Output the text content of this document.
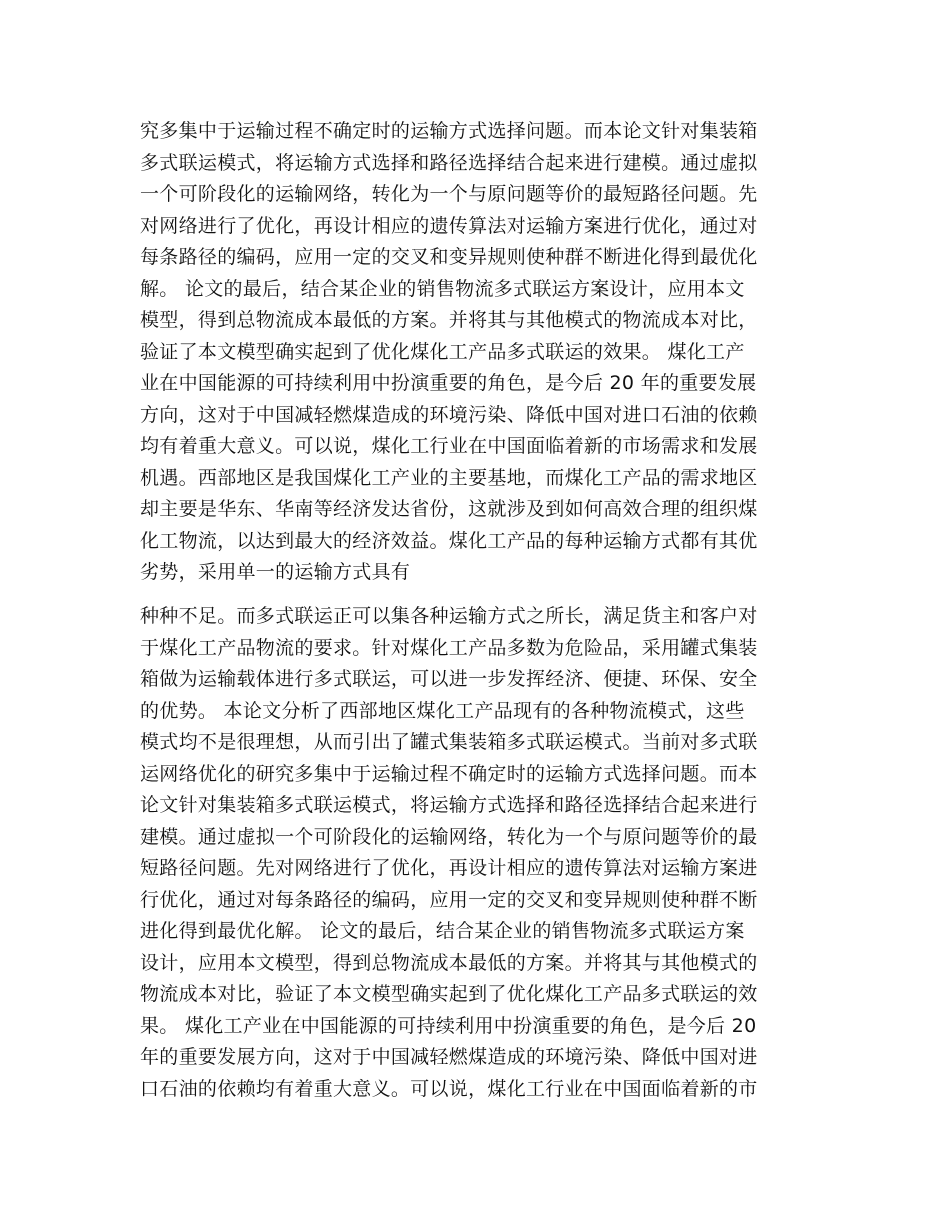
究多集中于运输过程不确定时的运输方式选择问题。而本论文针对集装箱
多式联运模式，将运输方式选择和路径选择结合起来进行建模。通过虚拟
一个可阶段化的运输网络，转化为一个与原问题等价的最短路径问题。先
对网络进行了优化，再设计相应的遗传算法对运输方案进行优化，通过对
每条路径的编码，应用一定的交叉和变异规则使种群不断进化得到最优化
解。 论文的最后，结合某企业的销售物流多式联运方案设计，应用本文
模型，得到总物流成本最低的方案。并将其与其他模式的物流成本对比，
验证了本文模型确实起到了优化煤化工产品多式联运的效果。 煤化工产
业在中国能源的可持续利用中扮演重要的角色，是今后 20 年的重要发展
方向，这对于中国减轻燃煤造成的环境污染、降低中国对进口石油的依赖
均有着重大意义。可以说，煤化工行业在中国面临着新的市场需求和发展
机遇。西部地区是我国煤化工产业的主要基地，而煤化工产品的需求地区
却主要是华东、华南等经济发达省份，这就涉及到如何高效合理的组织煤
化工物流，以达到最大的经济效益。煤化工产品的每种运输方式都有其优
劣势，采用单一的运输方式具有
种种不足。而多式联运正可以集各种运输方式之所长，满足货主和客户对
于煤化工产品物流的要求。针对煤化工产品多数为危险品，采用罐式集装
箱做为运输载体进行多式联运，可以进一步发挥经济、便捷、环保、安全
的优势。 本论文分析了西部地区煤化工产品现有的各种物流模式，这些
模式均不是很理想，从而引出了罐式集装箱多式联运模式。当前对多式联
运网络优化的研究多集中于运输过程不确定时的运输方式选择问题。而本
论文针对集装箱多式联运模式，将运输方式选择和路径选择结合起来进行
建模。通过虚拟一个可阶段化的运输网络，转化为一个与原问题等价的最
短路径问题。先对网络进行了优化，再设计相应的遗传算法对运输方案进
行优化，通过对每条路径的编码，应用一定的交叉和变异规则使种群不断
进化得到最优化解。 论文的最后，结合某企业的销售物流多式联运方案
设计，应用本文模型，得到总物流成本最低的方案。并将其与其他模式的
物流成本对比，验证了本文模型确实起到了优化煤化工产品多式联运的效
果。 煤化工产业在中国能源的可持续利用中扮演重要的角色，是今后 20
年的重要发展方向，这对于中国减轻燃煤造成的环境污染、降低中国对进
口石油的依赖均有着重大意义。可以说，煤化工行业在中国面临着新的市
